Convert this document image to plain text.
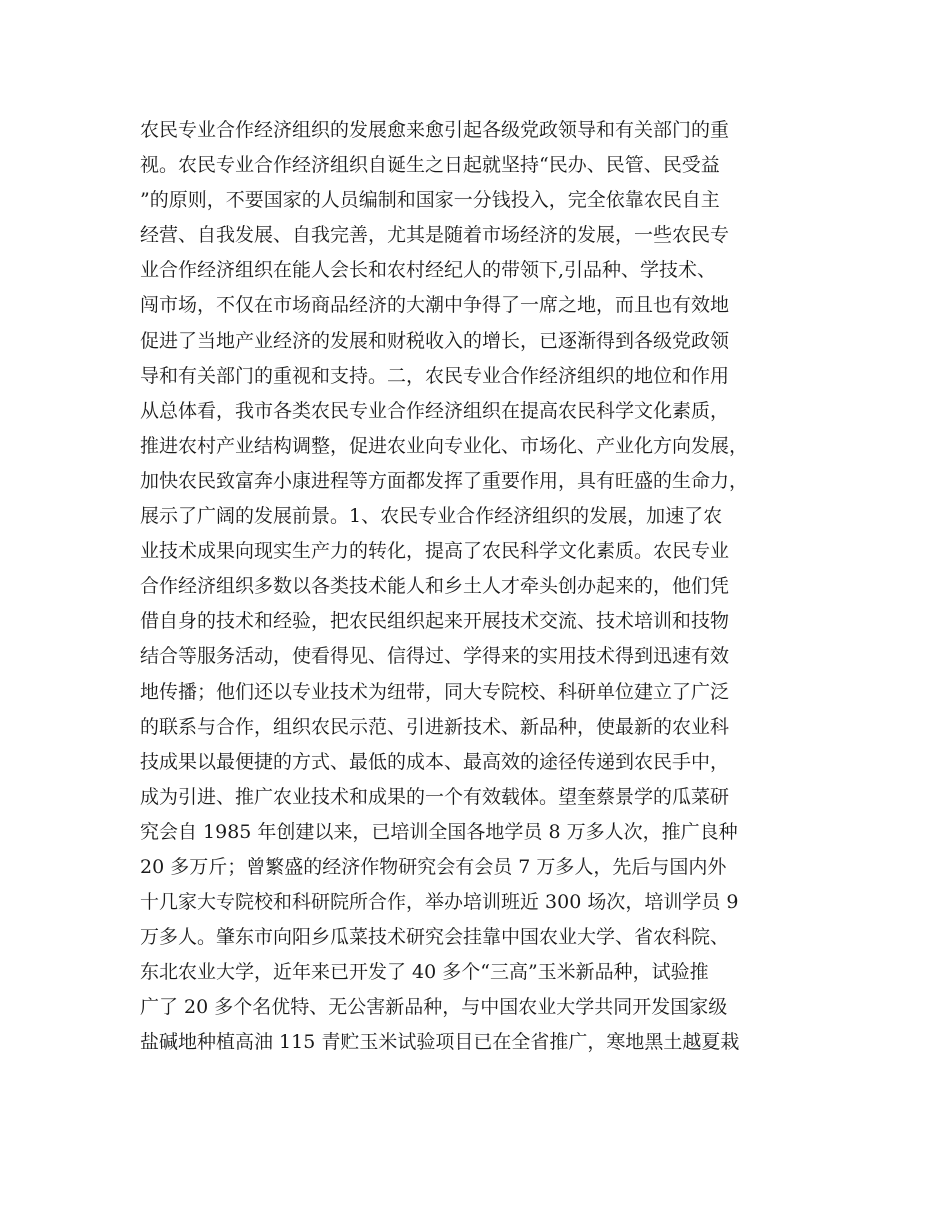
农民专业合作经济组织的发展愈来愈引起各级党政领导和有关部门的重
视。农民专业合作经济组织自诞生之日起就坚持“民办、民管、民受益
”的原则，不要国家的人员编制和国家一分钱投入，完全依靠农民自主
经营、自我发展、自我完善，尤其是随着市场经济的发展，一些农民专
业合作经济组织在能人会长和农村经纪人的带领下,引品种、学技术、
闯市场，不仅在市场商品经济的大潮中争得了一席之地，而且也有效地
促进了当地产业经济的发展和财税收入的增长，已逐渐得到各级党政领
导和有关部门的重视和支持。二，农民专业合作经济组织的地位和作用
从总体看，我市各类农民专业合作经济组织在提高农民科学文化素质，
推进农村产业结构调整，促进农业向专业化、市场化、产业化方向发展，
加快农民致富奔小康进程等方面都发挥了重要作用，具有旺盛的生命力，
展示了广阔的发展前景。1、农民专业合作经济组织的发展，加速了农
业技术成果向现实生产力的转化，提高了农民科学文化素质。农民专业
合作经济组织多数以各类技术能人和乡土人才牵头创办起来的，他们凭
借自身的技术和经验，把农民组织起来开展技术交流、技术培训和技物
结合等服务活动，使看得见、信得过、学得来的实用技术得到迅速有效
地传播；他们还以专业技术为纽带，同大专院校、科研单位建立了广泛
的联系与合作，组织农民示范、引进新技术、新品种，使最新的农业科
技成果以最便捷的方式、最低的成本、最高效的途径传递到农民手中，
成为引进、推广农业技术和成果的一个有效载体。望奎蔡景学的瓜菜研
究会自 1985 年创建以来，已培训全国各地学员 8 万多人次，推广良种
20 多万斤；曾繁盛的经济作物研究会有会员 7 万多人，先后与国内外
十几家大专院校和科研院所合作，举办培训班近 300 场次，培训学员 9
万多人。肇东市向阳乡瓜菜技术研究会挂靠中国农业大学、省农科院、
东北农业大学，近年来已开发了 40 多个“三高”玉米新品种，试验推
广了 20 多个名优特、无公害新品种，与中国农业大学共同开发国家级
盐碱地种植高油 115 青贮玉米试验项目已在全省推广，寒地黑土越夏栽
